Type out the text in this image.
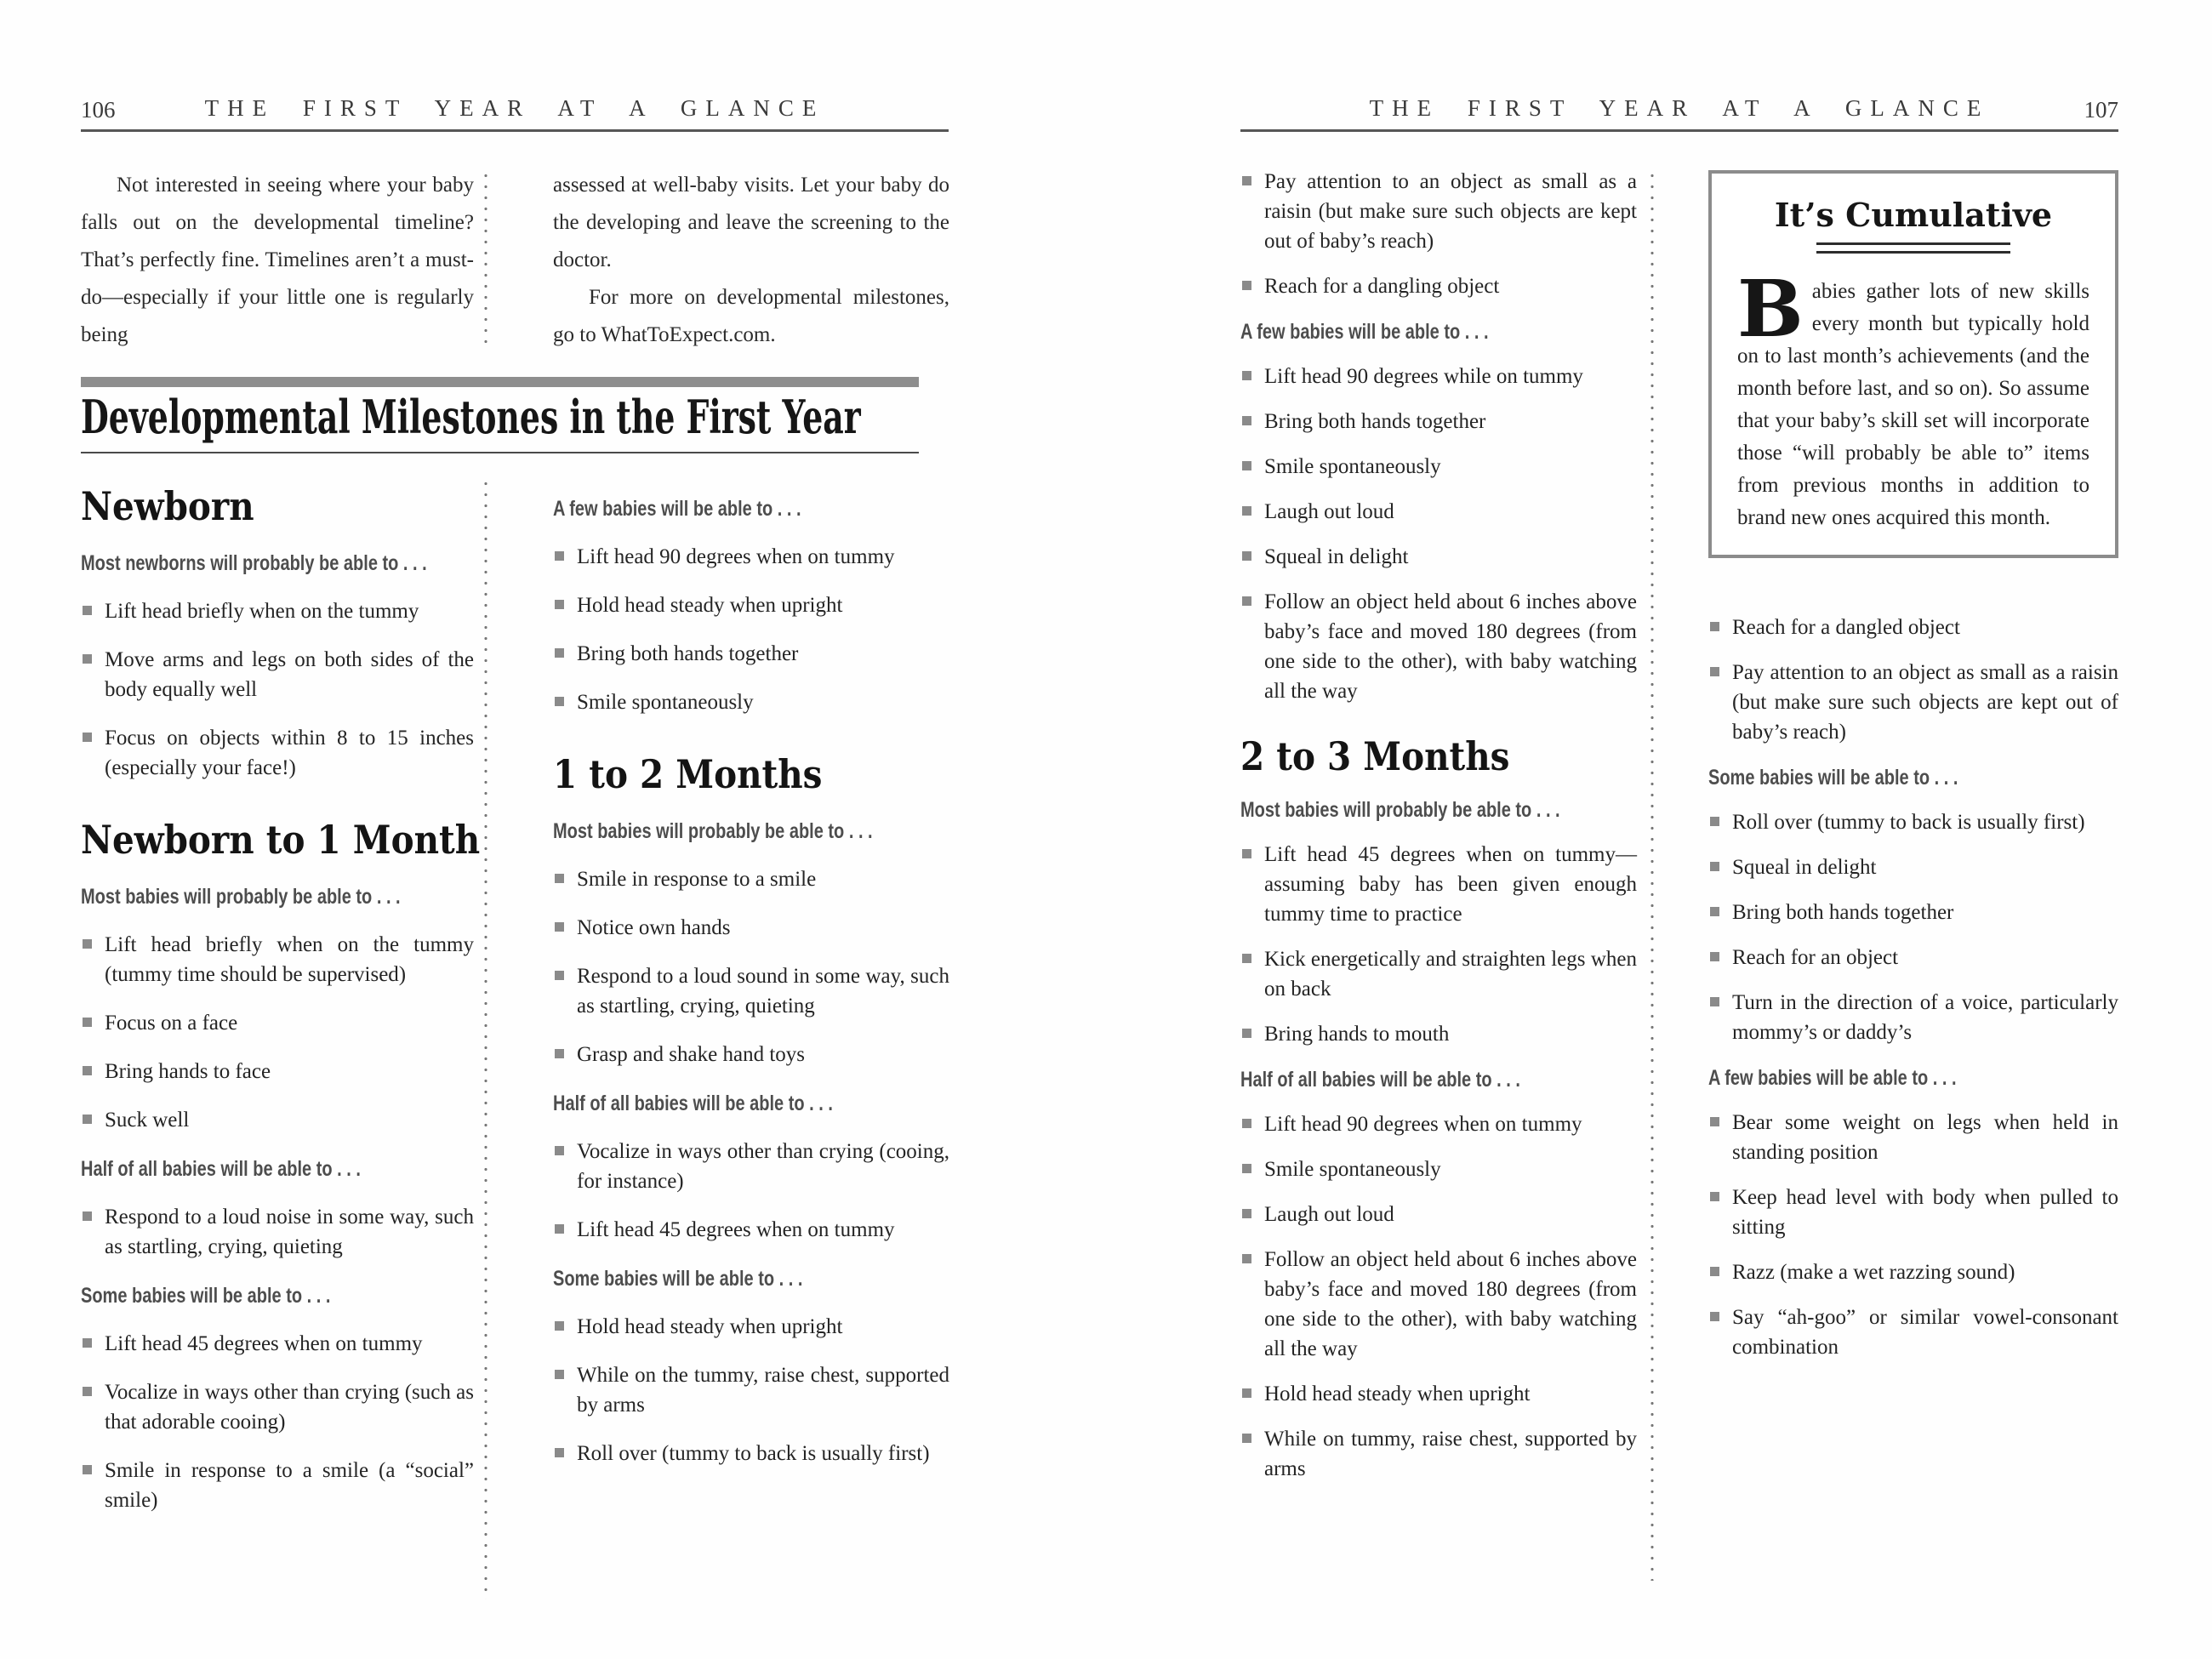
106	THE FIRST YEAR AT A GLANCE

Not interested in seeing where your baby falls out on the developmental timeline? That’s perfectly fine. Timelines aren’t a must-do—especially if your little one is regularly being

assessed at well-baby visits. Let your baby do the developing and leave the screening to the doctor.

For more on developmental milestones, go to WhatToExpect.com.

Developmental Milestones in the First Year
Newborn

Most newborns will probably be able to . . .

Lift head briefly when on the tummy
Move arms and legs on both sides of the body equally well
Focus on objects within 8 to 15 inches (especially your face!)
Newborn to 1 Month

Most babies will probably be able to . . .

Lift head briefly when on the tummy (tummy time should be supervised)
Focus on a face
Bring hands to face
Suck well

Half of all babies will be able to . . .

Respond to a loud noise in some way, such as startling, crying, quieting

Some babies will be able to . . .

Lift head 45 degrees when on tummy
Vocalize in ways other than crying (such as that adorable cooing)
Smile in response to a smile (a “social” smile)

A few babies will be able to . . .

Lift head 90 degrees when on tummy
Hold head steady when upright
Bring both hands together
Smile spontaneously
1 to 2 Months

Most babies will probably be able to . . .

Smile in response to a smile
Notice own hands
Respond to a loud sound in some way, such as startling, crying, quieting
Grasp and shake hand toys

Half of all babies will be able to . . .

Vocalize in ways other than crying (cooing, for instance)
Lift head 45 degrees when on tummy

Some babies will be able to . . .

Hold head steady when upright
While on the tummy, raise chest, supported by arms
Roll over (tummy to back is usually first)
THE FIRST YEAR AT A GLANCE	107
Pay attention to an object as small as a raisin (but make sure such objects are kept out of baby’s reach)
Reach for a dangling object

A few babies will be able to . . .

Lift head 90 degrees while on tummy
Bring both hands together
Smile spontaneously
Laugh out loud
Squeal in delight
Follow an object held about 6 inches above baby’s face and moved 180 degrees (from one side to the other), with baby watching all the way
2 to 3 Months

Most babies will probably be able to . . .

Lift head 45 degrees when on tummy—assuming baby has been given enough tummy time to practice
Kick energetically and straighten legs when on back
Bring hands to mouth

Half of all babies will be able to . . .

Lift head 90 degrees when on tummy
Smile spontaneously
Laugh out loud
Follow an object held about 6 inches above baby’s face and moved 180 degrees (from one side to the other), with baby watching all the way
Hold head steady when upright
While on tummy, raise chest, supported by arms
It’s Cumulative

Babies gather lots of new skills every month but typically hold on to last month’s achievements (and the month before last, and so on). So assume that your baby’s skill set will incorporate those “will probably be able to” items from previous months in addition to brand new ones acquired this month.

Reach for a dangled object
Pay attention to an object as small as a raisin (but make sure such objects are kept out of baby’s reach)

Some babies will be able to . . .

Roll over (tummy to back is usually first)
Squeal in delight
Bring both hands together
Reach for an object
Turn in the direction of a voice, particularly mommy’s or daddy’s

A few babies will be able to . . .

Bear some weight on legs when held in standing position
Keep head level with body when pulled to sitting
Razz (make a wet razzing sound)
Say “ah-goo” or similar vowel-consonant combination
